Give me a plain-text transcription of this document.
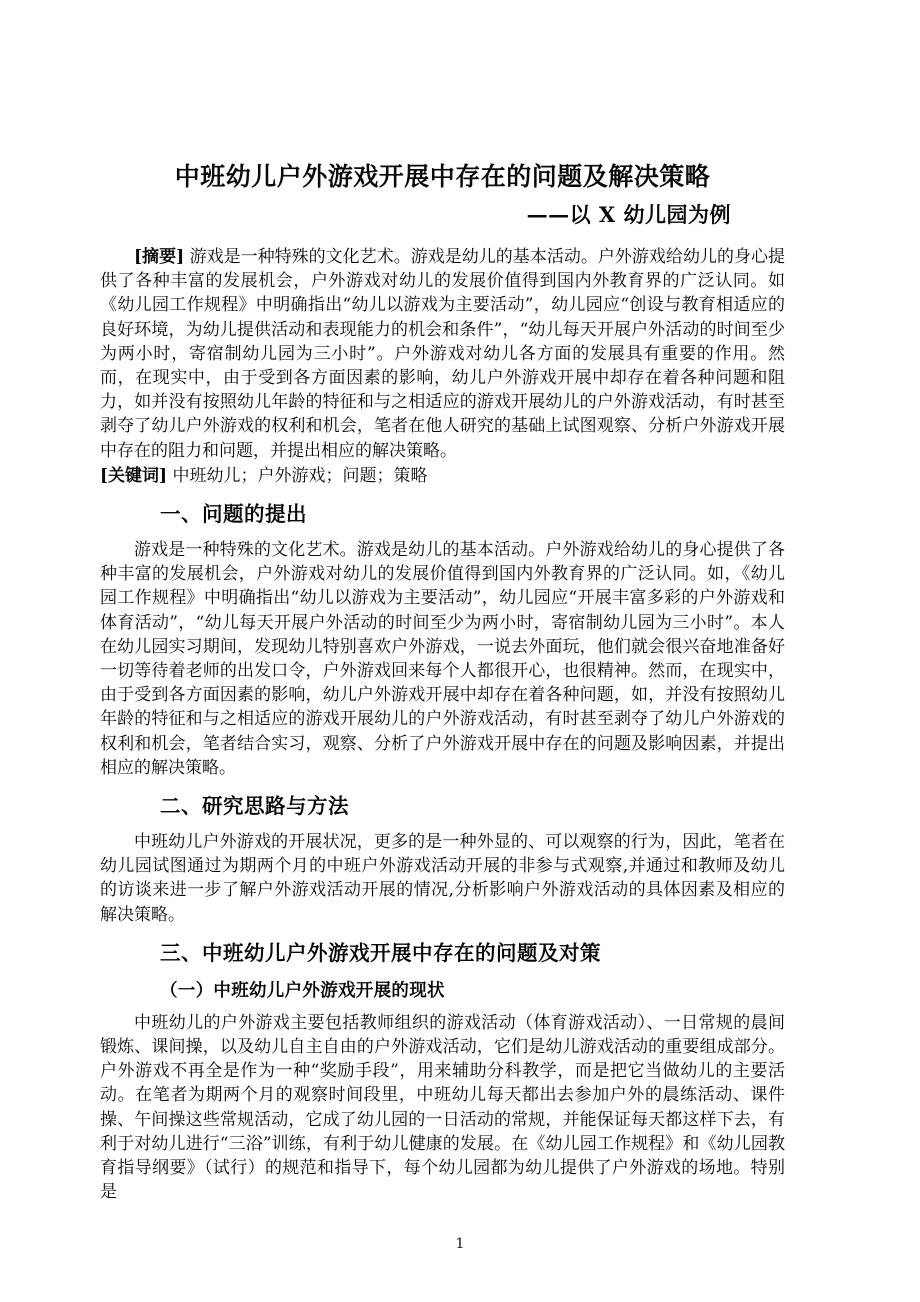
中班幼儿户外游戏开展中存在的问题及解决策略
——以 X 幼儿园为例

[摘要] 游戏是一种特殊的文化艺术。游戏是幼儿的基本活动。户外游戏给幼儿的身心提供了各种丰富的发展机会，户外游戏对幼儿的发展价值得到国内外教育界的广泛认同。如《幼儿园工作规程》中明确指出“幼儿以游戏为主要活动”，幼儿园应“创设与教育相适应的良好环境，为幼儿提供活动和表现能力的机会和条件”，“幼儿每天开展户外活动的时间至少为两小时，寄宿制幼儿园为三小时”。户外游戏对幼儿各方面的发展具有重要的作用。然而，在现实中，由于受到各方面因素的影响，幼儿户外游戏开展中却存在着各种问题和阻力，如并没有按照幼儿年龄的特征和与之相适应的游戏开展幼儿的户外游戏活动，有时甚至剥夺了幼儿户外游戏的权利和机会，笔者在他人研究的基础上试图观察、分析户外游戏开展中存在的阻力和问题，并提出相应的解决策略。

[关键词] 中班幼儿；户外游戏；问题；策略

一、问题的提出

游戏是一种特殊的文化艺术。游戏是幼儿的基本活动。户外游戏给幼儿的身心提供了各种丰富的发展机会，户外游戏对幼儿的发展价值得到国内外教育界的广泛认同。如，《幼儿园工作规程》中明确指出“幼儿以游戏为主要活动”，幼儿园应“开展丰富多彩的户外游戏和体育活动”，“幼儿每天开展户外活动的时间至少为两小时，寄宿制幼儿园为三小时”。本人在幼儿园实习期间，发现幼儿特别喜欢户外游戏，一说去外面玩，他们就会很兴奋地准备好一切等待着老师的出发口令，户外游戏回来每个人都很开心，也很精神。然而，在现实中，由于受到各方面因素的影响，幼儿户外游戏开展中却存在着各种问题，如，并没有按照幼儿年龄的特征和与之相适应的游戏开展幼儿的户外游戏活动，有时甚至剥夺了幼儿户外游戏的权利和机会，笔者结合实习，观察、分析了户外游戏开展中存在的问题及影响因素，并提出相应的解决策略。

二、研究思路与方法

中班幼儿户外游戏的开展状况，更多的是一种外显的、可以观察的行为，因此，笔者在幼儿园试图通过为期两个月的中班户外游戏活动开展的非参与式观察,并通过和教师及幼儿的访谈来进一步了解户外游戏活动开展的情况,分析影响户外游戏活动的具体因素及相应的解决策略。

三、中班幼儿户外游戏开展中存在的问题及对策
（一）中班幼儿户外游戏开展的现状

中班幼儿的户外游戏主要包括教师组织的游戏活动（体育游戏活动）、一日常规的晨间锻炼、课间操，以及幼儿自主自由的户外游戏活动，它们是幼儿游戏活动的重要组成部分。户外游戏不再全是作为一种“奖励手段”，用来辅助分科教学，而是把它当做幼儿的主要活动。在笔者为期两个月的观察时间段里，中班幼儿每天都出去参加户外的晨练活动、课件操、午间操这些常规活动，它成了幼儿园的一日活动的常规，并能保证每天都这样下去，有利于对幼儿进行“三浴”训练，有利于幼儿健康的发展。在《幼儿园工作规程》和《幼儿园教育指导纲要》（试行）的规范和指导下，每个幼儿园都为幼儿提供了户外游戏的场地。特别是

1
